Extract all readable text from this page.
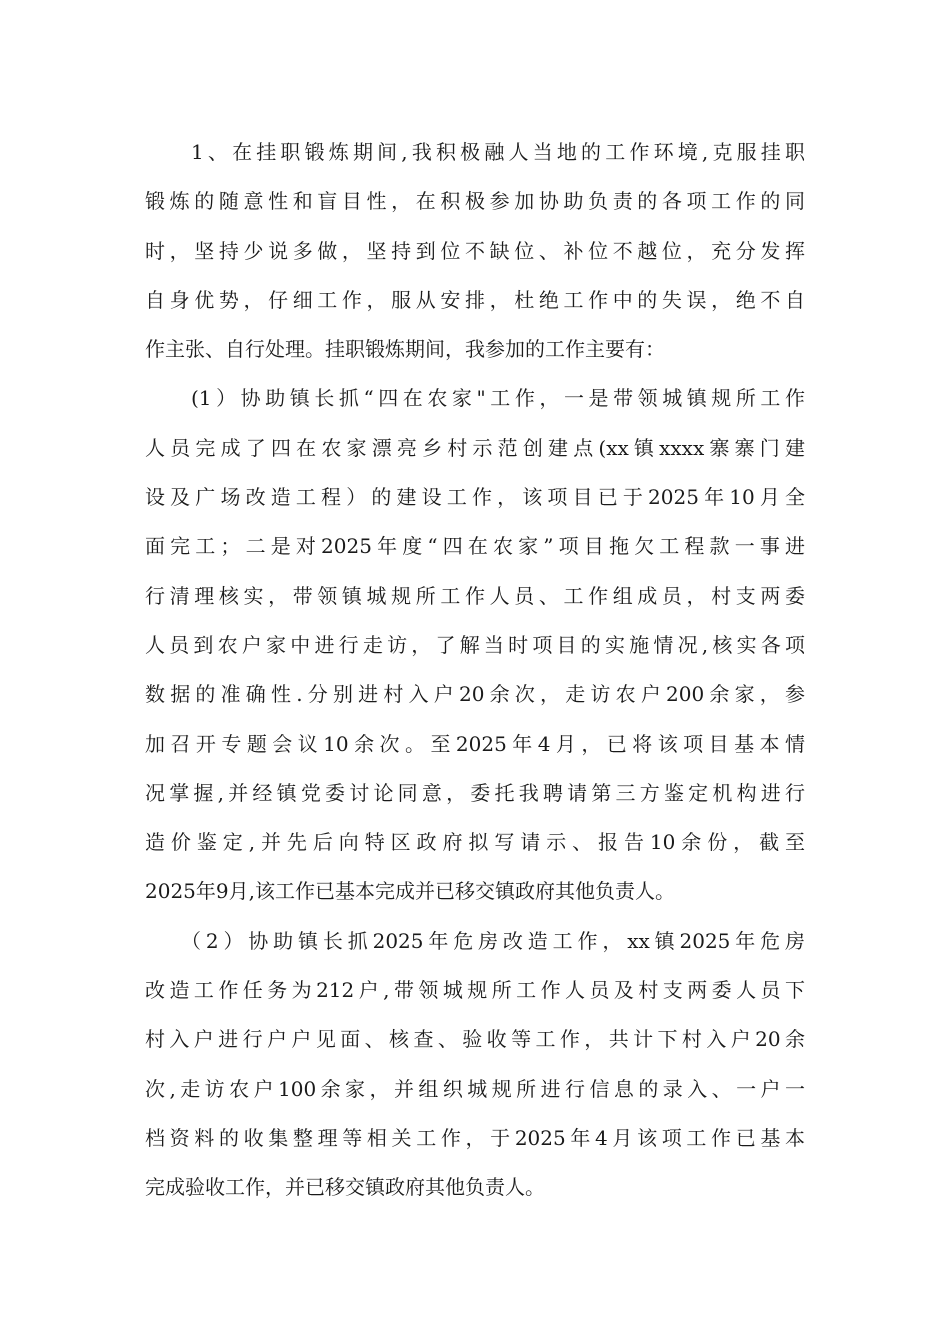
1、在挂职锻炼期间,我积极融人当地的工作环境,克服挂职
锻炼的随意性和盲目性，在积极参加协助负责的各项工作的同
时，坚持少说多做，坚持到位不缺位、补位不越位，充分发挥
自身优势，仔细工作，服从安排，杜绝工作中的失误，绝不自
作主张、自行处理。挂职锻炼期间，我参加的工作主要有：
(1）协助镇长抓“四在农家"工作，一是带领城镇规所工作
人员完成了四在农家漂亮乡村示范创建点(xx镇xxxx寨寨门建
设及广场改造工程）的建设工作，该项目已于2025年10月全
面完工；二是对2025年度“四在农家”项目拖欠工程款一事进
行清理核实，带领镇城规所工作人员、工作组成员，村支两委
人员到农户家中进行走访，了解当时项目的实施情况,核实各项
数据的准确性.分别进村入户20余次，走访农户200余家，参
加召开专题会议10余次。至2025年4月，已将该项目基本情
况掌握,并经镇党委讨论同意，委托我聘请第三方鉴定机构进行
造价鉴定,并先后向特区政府拟写请示、报告10余份，截至
2025年9月,该工作已基本完成并已移交镇政府其他负责人。
（2）协助镇长抓2025年危房改造工作，xx镇2025年危房
改造工作任务为212户,带领城规所工作人员及村支两委人员下
村入户进行户户见面、核查、验收等工作，共计下村入户20余
次,走访农户100余家，并组织城规所进行信息的录入、一户一
档资料的收集整理等相关工作，于2025年4月该项工作已基本
完成验收工作，并已移交镇政府其他负责人。
